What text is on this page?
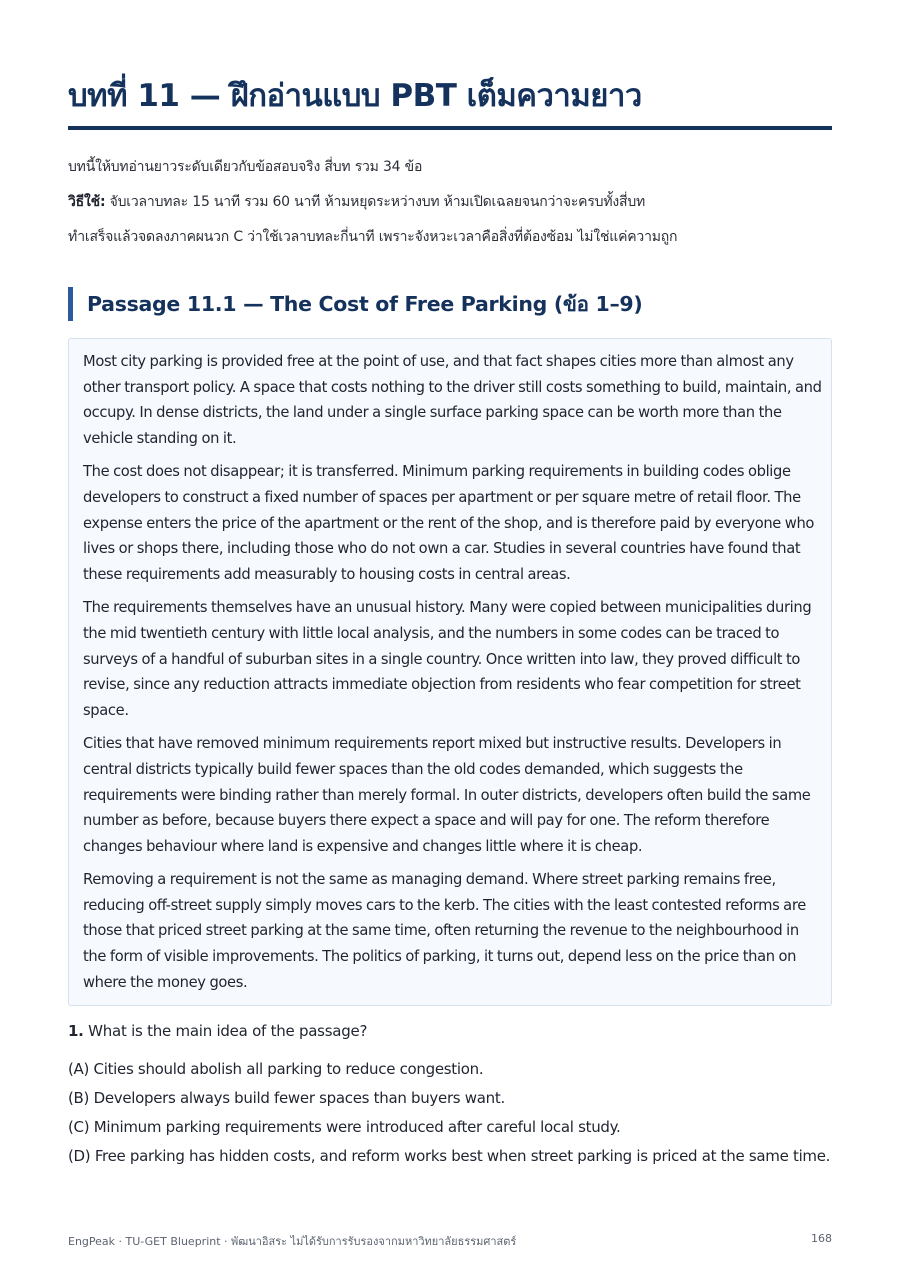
บทที่ 11 — ฝึกอ่านแบบ PBT เต็มความยาว

บทนี้ให้บทอ่านยาวระดับเดียวกับข้อสอบจริง สี่บท รวม 34 ข้อ

วิธีใช้: จับเวลาบทละ 15 นาที รวม 60 นาที ห้ามหยุดระหว่างบท ห้ามเปิดเฉลยจนกว่าจะครบทั้งสี่บท

ทำเสร็จแล้วจดลงภาคผนวก C ว่าใช้เวลาบทละกี่นาที เพราะจังหวะเวลาคือสิ่งที่ต้องซ้อม ไม่ใช่แค่ความถูก

Passage 11.1 — The Cost of Free Parking (ข้อ 1–9)

Most city parking is provided free at the point of use, and that fact shapes cities more than almost any other transport policy. A space that costs nothing to the driver still costs something to build, maintain, and occupy. In dense districts, the land under a single surface parking space can be worth more than the vehicle standing on it.

The cost does not disappear; it is transferred. Minimum parking requirements in building codes oblige developers to construct a fixed number of spaces per apartment or per square metre of retail floor. The expense enters the price of the apartment or the rent of the shop, and is therefore paid by everyone who lives or shops there, including those who do not own a car. Studies in several countries have found that these requirements add measurably to housing costs in central areas.

The requirements themselves have an unusual history. Many were copied between municipalities during the mid twentieth century with little local analysis, and the numbers in some codes can be traced to surveys of a handful of suburban sites in a single country. Once written into law, they proved difficult to revise, since any reduction attracts immediate objection from residents who fear competition for street space.

Cities that have removed minimum requirements report mixed but instructive results. Developers in central districts typically build fewer spaces than the old codes demanded, which suggests the requirements were binding rather than merely formal. In outer districts, developers often build the same number as before, because buyers there expect a space and will pay for one. The reform therefore changes behaviour where land is expensive and changes little where it is cheap.

Removing a requirement is not the same as managing demand. Where street parking remains free, reducing off-street supply simply moves cars to the kerb. The cities with the least contested reforms are those that priced street parking at the same time, often returning the revenue to the neighbourhood in the form of visible improvements. The politics of parking, it turns out, depend less on the price than on where the money goes.

1. What is the main idea of the passage?

(A) Cities should abolish all parking to reduce congestion.

(B) Developers always build fewer spaces than buyers want.

(C) Minimum parking requirements were introduced after careful local study.

(D) Free parking has hidden costs, and reform works best when street parking is priced at the same time.

EngPeak · TU-GET Blueprint · พัฒนาอิสระ ไม่ได้รับการรับรองจากมหาวิทยาลัยธรรมศาสตร์	168
